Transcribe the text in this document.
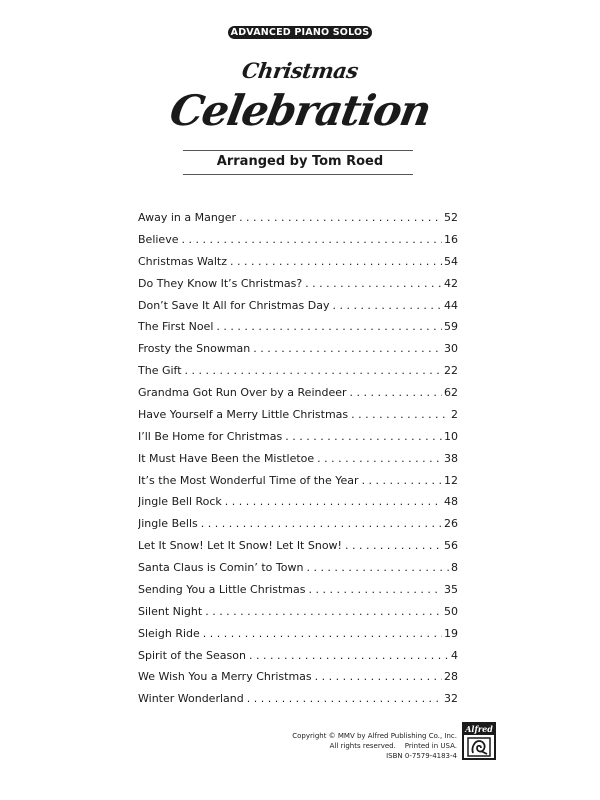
ADVANCED PIANO SOLOS
Christmas
Celebration
Arranged by Tom Roed
Away in a Manger . . .	52
Believe . . .	16
Christmas Waltz . . .	54
Do They Know It’s Christmas? . . .	42
Don’t Save It All for Christmas Day . . .	44
The First Noel . . .	59
Frosty the Snowman . . .	30
The Gift . . .	22
Grandma Got Run Over by a Reindeer . . .	62
Have Yourself a Merry Little Christmas . . .	2
I’ll Be Home for Christmas . . .	10
It Must Have Been the Mistletoe . . .	38
It’s the Most Wonderful Time of the Year . . .	12
Jingle Bell Rock . . .	48
Jingle Bells . . .	26
Let It Snow! Let It Snow! Let It Snow! . . .	56
Santa Claus is Comin’ to Town . . .	8
Sending You a Little Christmas . . .	35
Silent Night . . .	50
Sleigh Ride . . .	19
Spirit of the Season . . .	4
We Wish You a Merry Christmas . . .	28
Winter Wonderland . . .	32
Copyright © MMV by Alfred Publishing Co., Inc.
All rights reserved.    Printed in USA.
ISBN 0-7579-4183-4
Alfred
